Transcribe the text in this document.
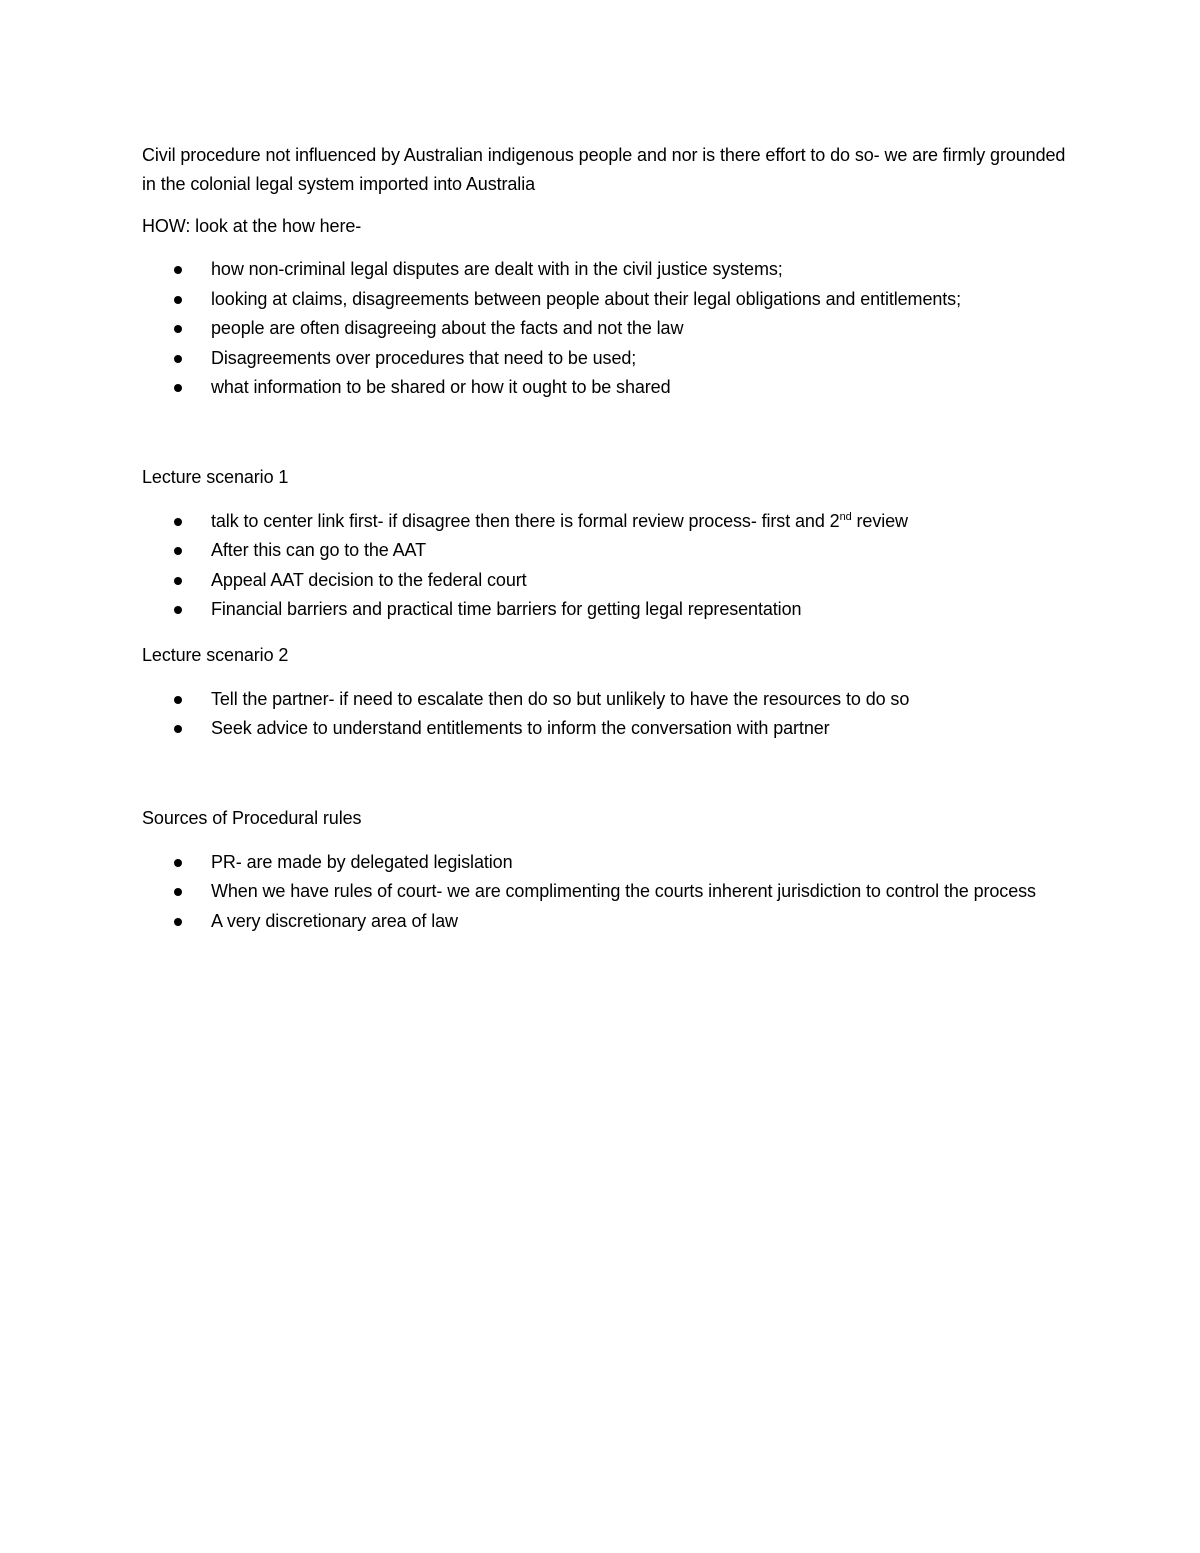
Civil procedure not influenced by Australian indigenous people and nor is there effort to do so- we are firmly grounded in the colonial legal system imported into Australia

HOW: look at the how here-

how non-criminal legal disputes are dealt with in the civil justice systems;
looking at claims, disagreements between people about their legal obligations and entitlements;
people are often disagreeing about the facts and not the law
Disagreements over procedures that need to be used;
what information to be shared or how it ought to be shared

Lecture scenario 1

talk to center link first- if disagree then there is formal review process- first and 2nd review
After this can go to the AAT
Appeal AAT decision to the federal court
Financial barriers and practical time barriers for getting legal representation

Lecture scenario 2

Tell the partner- if need to escalate then do so but unlikely to have the resources to do so
Seek advice to understand entitlements to inform the conversation with partner

Sources of Procedural rules

PR- are made by delegated legislation
When we have rules of court- we are complimenting the courts inherent jurisdiction to control the process
A very discretionary area of law
